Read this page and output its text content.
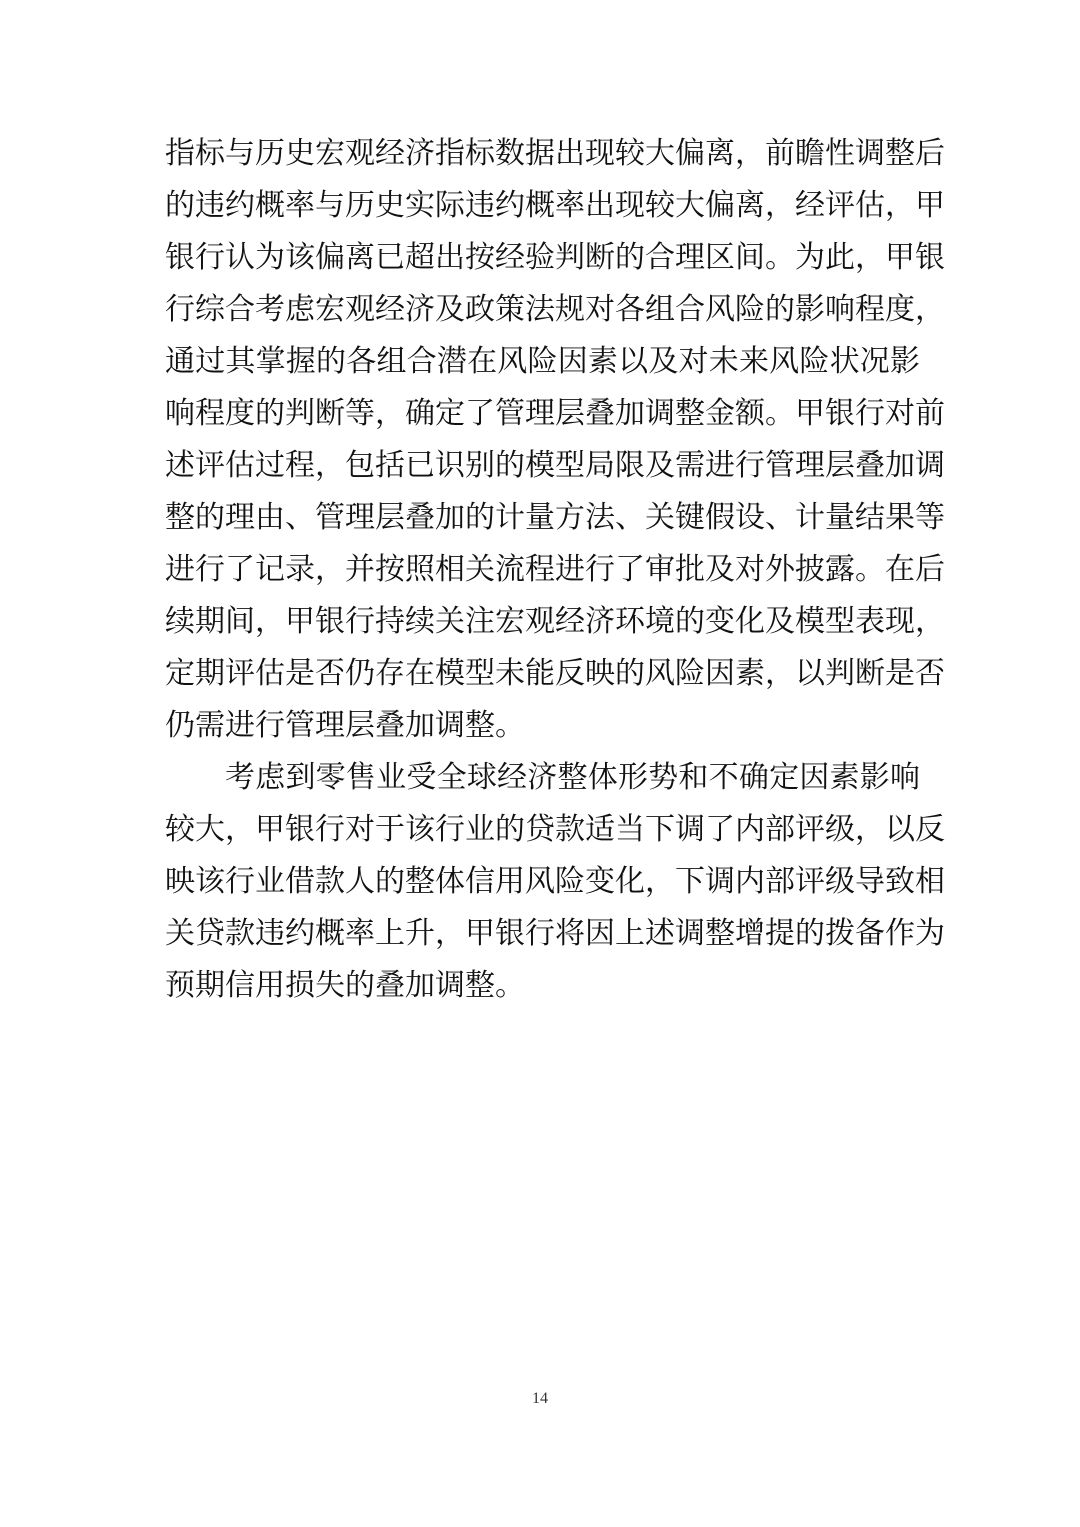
指标与历史宏观经济指标数据出现较大偏离，前瞻性调整后

的违约概率与历史实际违约概率出现较大偏离，经评估，甲

银行认为该偏离已超出按经验判断的合理区间。为此，甲银

行综合考虑宏观经济及政策法规对各组合风险的影响程度，

通过其掌握的各组合潜在风险因素以及对未来风险状况影

响程度的判断等，确定了管理层叠加调整金额。甲银行对前

述评估过程，包括已识别的模型局限及需进行管理层叠加调

整的理由、管理层叠加的计量方法、关键假设、计量结果等

进行了记录，并按照相关流程进行了审批及对外披露。在后

续期间，甲银行持续关注宏观经济环境的变化及模型表现，

定期评估是否仍存在模型未能反映的风险因素，以判断是否

仍需进行管理层叠加调整。

考虑到零售业受全球经济整体形势和不确定因素影响

较大，甲银行对于该行业的贷款适当下调了内部评级，以反

映该行业借款人的整体信用风险变化，下调内部评级导致相

关贷款违约概率上升，甲银行将因上述调整增提的拨备作为

预期信用损失的叠加调整。

14
